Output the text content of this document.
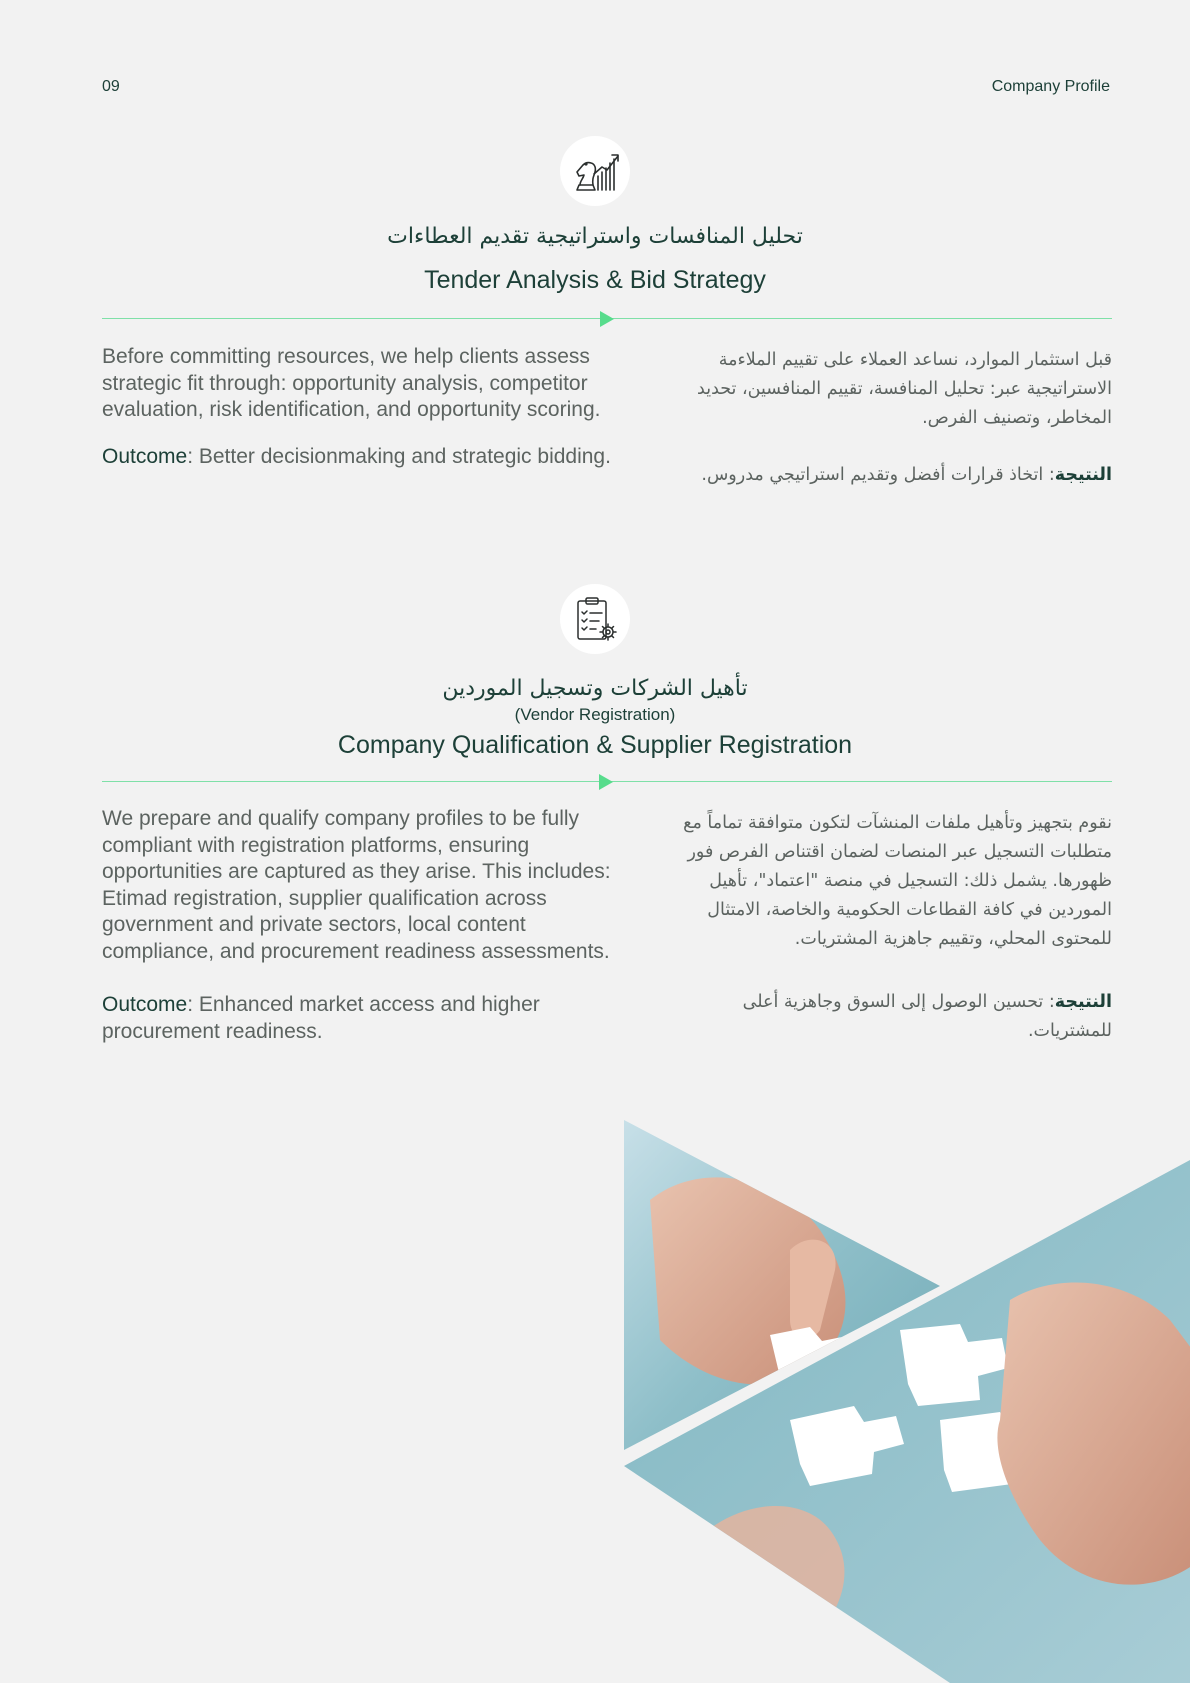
09	Company Profile
تحليل المنافسات واستراتيجية تقديم العطاءات
Tender Analysis & Bid Strategy

Before committing resources, we help clients assess strategic fit through: opportunity analysis, competitor evaluation, risk identification, and opportunity scoring.

Outcome: Better decisionmaking and strategic bidding.

قبل استثمار الموارد، نساعد العملاء على تقييم الملاءمة الاستراتيجية عبر: تحليل المنافسة، تقييم المنافسين، تحديد المخاطر، وتصنيف الفرص.

النتيجة: اتخاذ قرارات أفضل وتقديم استراتيجي مدروس.

تأهيل الشركات وتسجيل الموردين
(Vendor Registration)
Company Qualification & Supplier Registration

We prepare and qualify company profiles to be fully compliant with registration platforms, ensuring opportunities are captured as they arise. This includes: Etimad registration, supplier qualification across government and private sectors, local content compliance, and procurement readiness assessments.

Outcome: Enhanced market access and higher procurement readiness.

نقوم بتجهيز وتأهيل ملفات المنشآت لتكون متوافقة تماماً مع متطلبات التسجيل عبر المنصات لضمان اقتناص الفرص فور ظهورها. يشمل ذلك: التسجيل في منصة "اعتماد"، تأهيل الموردين في كافة القطاعات الحكومية والخاصة، الامتثال للمحتوى المحلي، وتقييم جاهزية المشتريات.

النتيجة: تحسين الوصول إلى السوق وجاهزية أعلى للمشتريات.
